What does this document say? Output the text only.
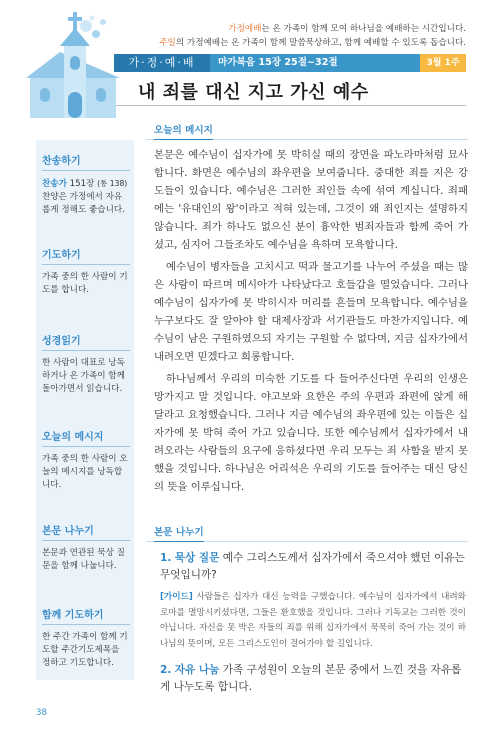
가정예배는 온 가족이 함께 모여 하나님을 예배하는 시간입니다.
주일의 가정예배는 온 가족이 함께 말씀묵상하고, 함께 예배할 수 있도록 돕습니다.
가·정·예·배	마가복음 15장 25절~32절	3월 1주
내 죄를 대신 지고 가신 예수
찬송하기
찬송가 151장 (통 138)
찬양은 가정에서 자유롭게 정해도 좋습니다.
기도하기
가족 중의 한 사람이 기도를 합니다.
성경읽기
한 사람이 대표로 낭독하거나 온 가족이 함께 돌아가면서 읽습니다.
오늘의 메시지
가족 중의 한 사람이 오늘의 메시지를 낭독합니다.
본문 나누기
본문과 연관된 묵상 질문을 함께 나눕니다.
함께 기도하기
한 주간 가족이 함께 기도할 주간기도제목을 정하고 기도합니다.
오늘의 메시지

본문은 예수님이 십자가에 못 박히실 때의 장면을 파노라마처럼 묘사합니다. 화면은 예수님의 좌우편을 보여줍니다. 중대한 죄를 지은 강도들이 있습니다. 예수님은 그러한 죄인들 속에 섞여 계십니다. 죄패에는 '유대인의 왕'이라고 적혀 있는데, 그것이 왜 죄인지는 설명하지 않습니다. 죄가 하나도 없으신 분이 흉악한 범죄자들과 함께 죽어 가셨고, 심지어 그들조차도 예수님을 욕하며 모욕합니다.

예수님이 병자들을 고치시고 떡과 물고기를 나누어 주셨을 때는 많은 사람이 따르며 메시아가 나타났다고 호들갑을 떨었습니다. 그러나 예수님이 십자가에 못 박히시자 머리를 흔들며 모욕합니다. 예수님을 누구보다도 잘 알아야 할 대제사장과 서기관들도 마찬가지입니다. 예수님이 남은 구원하였으되 자기는 구원할 수 없다며, 지금 십자가에서 내려오면 믿겠다고 희롱합니다.

하나님께서 우리의 미숙한 기도를 다 들어주신다면 우리의 인생은 망가지고 말 것입니다. 야고보와 요한은 주의 우편과 좌편에 앉게 해 달라고 요청했습니다. 그러나 지금 예수님의 좌우편에 있는 이들은 십자가에 못 박혀 죽어 가고 있습니다. 또한 예수님께서 십자가에서 내려오라는 사람들의 요구에 응하셨다면 우리 모두는 죄 사함을 받지 못했을 것입니다. 하나님은 어리석은 우리의 기도를 들어주는 대신 당신의 뜻을 이루십니다.

본문 나누기
1. 묵상 질문 예수 그리스도께서 십자가에서 죽으셔야 했던 이유는 무엇입니까?
[가이드] 사람들은 십자가 대신 능력을 구했습니다. 예수님이 십자가에서 내려와 로마를 멸망시키셨다면, 그들은 환호했을 것입니다. 그러나 기독교는 그러한 것이 아닙니다. 자신을 못 박은 자들의 죄를 위해 십자가에서 묵묵히 죽어 가는 것이 하나님의 뜻이며, 모든 그리스도인이 걸어가야 할 길입니다.
2. 자유 나눔 가족 구성원이 오늘의 본문 중에서 느낀 것을 자유롭게 나누도록 합니다.
38
